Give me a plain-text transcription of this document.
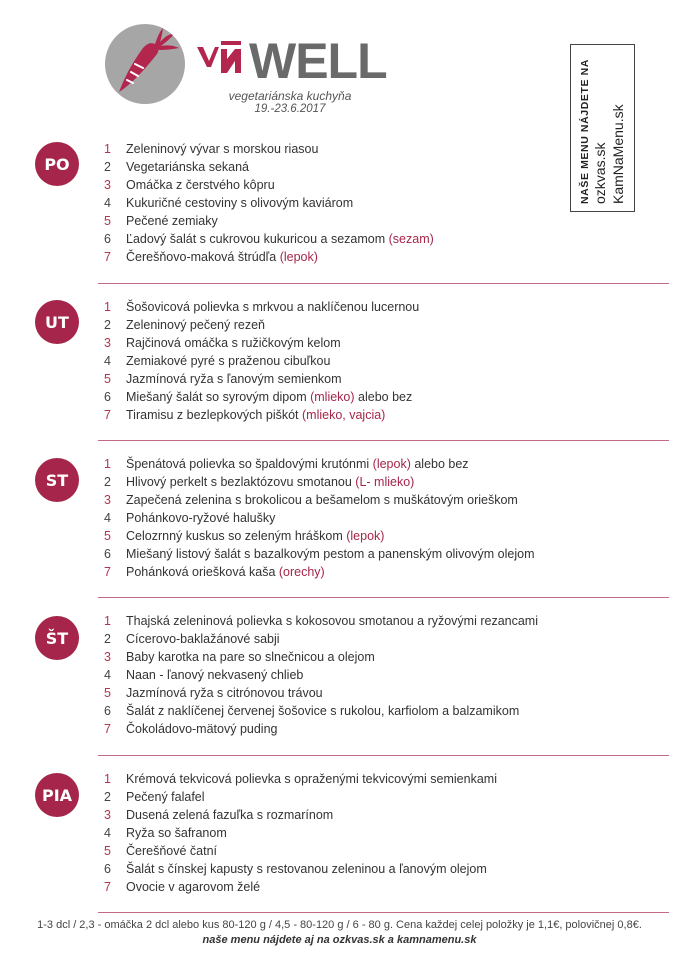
WELL
vegetariánska kuchyňa
19.-23.6.2017	NAŠE MENU NÁJDETE NA ozkvas.sk KamNaMenu.sk
PO
1 Zeleninový vývar s morskou riasou
2 Vegetariánska sekaná
3 Omáčka z čerstvého kôpru
4 Kukuričné cestoviny s olivovým kaviárom
5 Pečené zemiaky
6 Ľadový šalát s cukrovou kukuricou a sezamom (sezam)
7 Čerešňovo-maková štrúdľa (lepok)
UT
1 Šošovicová polievka s mrkvou a naklíčenou lucernou
2 Zeleninový pečený rezeň
3 Rajčinová omáčka s ružičkovým kelom
4 Zemiakové pyré s praženou cibuľkou
5 Jazmínová ryža s ľanovým semienkom
6 Miešaný šalát so syrovým dipom (mlieko) alebo bez
7 Tiramisu z bezlepkových piškót (mlieko, vajcia)
ST
1 Špenátová polievka so špaldovými krutónmi (lepok) alebo bez
2 Hlivový perkelt s bezlaktózovu smotanou (L- mlieko)
3 Zapečená zelenina s brokolicou a bešamelom s muškátovým orieškom
4 Pohánkovo-ryžové halušky
5 Celozrnný kuskus so zeleným hráškom (lepok)
6 Miešaný listový šalát s bazalkovým pestom a panenským olivovým olejom
7 Pohánková oriešková kaša (orechy)
ŠT
1 Thajská zeleninová polievka s kokosovou smotanou a ryžovými rezancami
2 Cícerovo-baklažánové sabji
3 Baby karotka na pare so slnečnicou a olejom
4 Naan - ľanový nekvasený chlieb
5 Jazmínová ryža s citrónovou trávou
6 Šalát z naklíčenej červenej šošovice s rukolou, karfiolom a balzamikom
7 Čokoládovo-mätový puding
PIA
1 Krémová tekvicová polievka s opraženými tekvicovými semienkami
2 Pečený falafel
3 Dusená zelená fazuľka s rozmarínom
4 Ryža so šafranom
5 Čerešňové čatní
6 Šalát s čínskej kapusty s restovanou zeleninou a ľanovým olejom
7 Ovocie v agarovom želé
1-3 dcl / 2,3 - omáčka 2 dcl alebo kus 80-120 g / 4,5 - 80-120 g / 6 - 80 g. Cena každej celej položky je 1,1€, polovičnej 0,8€.
naše menu nájdete aj na ozkvas.sk a kamnamenu.sk
